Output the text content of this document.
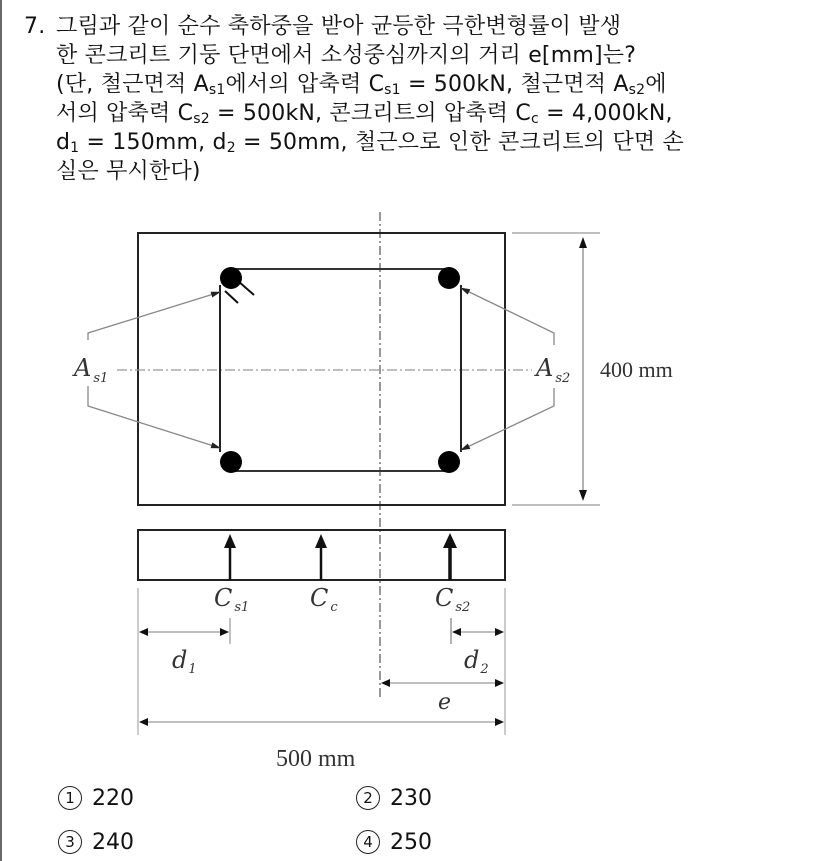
7. 그림과 같이 순수 축하중을 받아 균등한 극한변형률이 발생
한 콘크리트 기둥 단면에서 소성중심까지의 거리 e[mm]는?
(단, 철근면적 $A_{s1}$에서의 압축력 $C_{s1} = 500kN$, 철근면적 $A_{s2}$에
서의 압축력 $C_{s2} = 500kN$, 콘크리트의 압축력 $C_c = 4,000kN$,
$d_1 = 150mm$, $d_2 = 50mm$, 철근으로 인한 콘크리트의 단면 손
실은 무시한다)
A $_{s1}$	A $_{s2}$ 400 mm
C $_{s1}$	C $_c$	C $_{s2}$
$d_1$	$d_2$
e
500 mm
1 220	2 230
3 240	4 250
